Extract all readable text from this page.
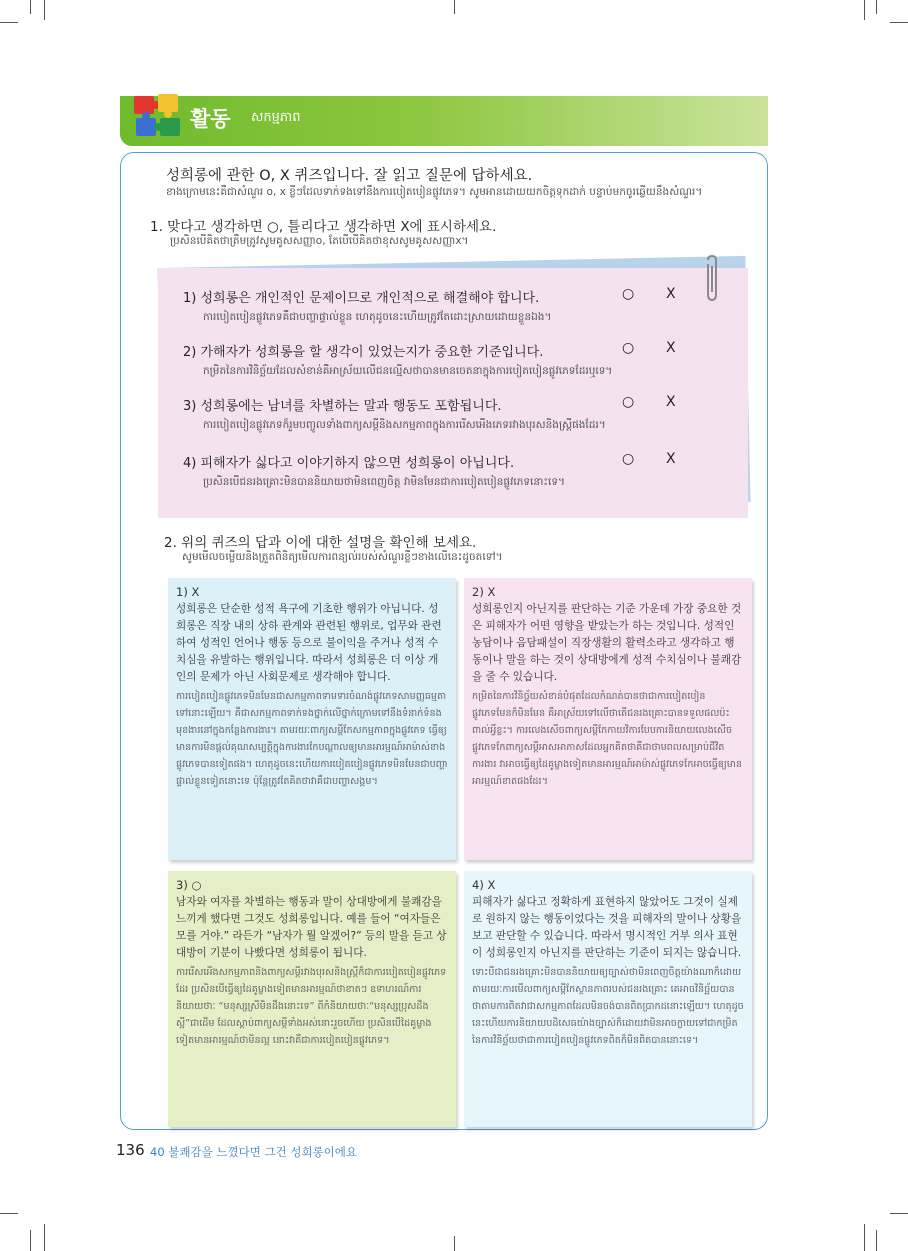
활동 សកម្មភាព
성희롱에 관한 O, X 퀴즈입니다. 잘 읽고 질문에 답하세요.
ខាងក្រោមនេះគឺជាសំណួរ o, x ខ្លីៗដែលទាក់ទងទៅនឹងការបៀតបៀនផ្លូវភេទ។ សូមអានដោយយកចិត្តទុកដាក់ បន្ទាប់មកចូរឆ្លើយនឹងសំណួរ។
1. 맞다고 생각하면 ○, 틀리다고 생각하면 X에 표시하세요.
ប្រសិនបើគិតថាត្រឹមត្រូវសូមគូសសញ្ញាo, តែបើបើគិតថាខុសសូមគូសសញ្ញាx។
1) 성희롱은 개인적인 문제이므로 개인적으로 해결해야 합니다.
ការបៀតបៀនផ្លូវភេទគឺជាបញ្ហាផ្ទាល់ខ្លួន ហេតុដូចនេះហើយត្រូវតែដោះស្រាយដោយខ្លួនឯង។
○ X
2) 가해자가 성희롱을 할 생각이 있었는지가 중요한 기준입니다.
កម្រិតនៃការវិនិច្ឆ័យដែលសំខាន់គឺអាស្រ័យលើជនល្មើសថាបានមានចេតនាក្នុងការបៀតបៀនផ្លូវភេទដែរឬទេ។
○ X
3) 성희롱에는 남녀를 차별하는 말과 행동도 포함됩니다.
ការបៀតបៀនផ្លូវភេទក៏រួមបញ្ចូលទាំងពាក្យសម្តីនិងសកម្មភាពក្នុងការរើសអើងភេទរវាងបុរសនិងស្ត្រីផងដែរ។
○ X
4) 피해자가 싫다고 이야기하지 않으면 성희롱이 아닙니다.
ប្រសិនបើជនរងគ្រោះមិនបាននិយាយថាមិនពេញចិត្ត វាមិនមែនជាការបៀតបៀនផ្លូវភេទនោះទេ។
○ X
2. 위의 퀴즈의 답과 이에 대한 설명을 확인해 보세요.
សូមមើលចម្លើយនិងត្រួតពិនិត្យមើលការពន្យល់របស់សំណួរខ្លីៗខាងលើនេះដូចតទៅ។
1) X
성희롱은 단순한 성적 욕구에 기초한 행위가 아닙니다. 성희롱은 직장 내의 상하 관계와 관련된 행위로, 업무와 관련하여 성적인 언어나 행동 등으로 불이익을 주거나 성적 수치심을 유발하는 행위입니다. 따라서 성희롱은 더 이상 개인의 문제가 아닌 사회문제로 생각해야 합니다.
ការបៀតបៀនផ្លូវភេទមិនមែនជាសកម្មភាពទាមទារចំណង់ផ្លូវភេទសាមញ្ញធម្មតាទៅនោះឡើយ។ គឺជាសកម្មភាពទាក់ទងថ្នាក់លើថ្នាក់ក្រោមទៅនឹងទំនាក់ទំនងមុខងារនៅក្នុងកន្លែងការងារ។ តាមរយៈពាក្យសម្តីកែសកម្មភាពក្នុងផ្លូវភេទ ធ្វើឲ្យមានការមិនផ្តល់គុណសម្បត្តិក្នុងការងារកែបណ្តាលឲ្យមានអារម្មណ៍អាម៉ាស់ខាងផ្លូវភេទបានទៀតផង។ ហេតុដូចនេះហើយការបៀតបៀនផ្លូវភេទមិនមែនជាបញ្ហាផ្ទាល់ខ្លួនទៀតនោះទេ ប៉ុន្តែត្រូវតែគិតថាវាគឺជាបញ្ហាសង្គម។
2) X
성희롱인지 아닌지를 판단하는 기준 가운데 가장 중요한 것은 피해자가 어떤 영향을 받았는가 하는 것입니다. 성적인 농담이나 음담패설이 직장생활의 활력소라고 생각하고 행동이나 말을 하는 것이 상대방에게 성적 수치심이나 불쾌감을 줄 수 있습니다.
កម្រិតនៃការវិនិច្ឆ័យសំខាន់បំផុតដែលកំណត់បានថាជាការបៀតបៀនផ្លូវភេទមែនក៏មិនមែន គឺអាស្រ័យទៅលើថាតើជនរងគ្រោះបានទទួលផលប៉ះពាល់អ្វីខ្លះ។ ការលេងសើចពាក្យសម្តីកែកាយវិការបែបការនិយាយលេងសើចផ្លូវភេទកែពាក្យសម្តីអាសអាភាសដែលអ្នកគិតថាគឺជាថាមពលសម្រាប់ជីវិតការងារ វាអាចធ្វើឲ្យដៃគូម្ខាងទៀតមានអារម្មណ៍អាម៉ាស់ផ្លូវភេទកែអាចធ្វើឲ្យមានអារម្មណ៍ខាតផងដែរ។
3) ○
남자와 여자를 차별하는 행동과 말이 상대방에게 불쾌감을 느끼게 했다면 그것도 성희롱입니다. 예를 들어 “여자들은 모를 거야.” 라든가 “남자가 뭘 알겠어?” 등의 말을 듣고 상대방이 기분이 나빴다면 성희롱이 됩니다.
ការរើសអើងសកម្មភាពនិងពាក្យសម្តីរវាងបុរសនិងស្ត្រីក៏ជាការបៀតបៀនផ្លូវភេទដែរ ប្រសិនបើធ្វើឲ្យដៃគូម្ខាងទៀតមានអារម្មណ៍ថាខាតៗ ឧទាហរណ៍ការនិយាយថាៈ “មនុស្សស្រីមិនដឹងនោះទេ” ពីកំនិយាយថាៈ“មនុស្សប្រុសដឹងស្អី”ជាដើម ដែលស្តាប់ពាក្យសម្តីទាំងអស់នោះរួចហើយ ប្រសិនបើដៃគូម្ខាងទៀតមានអារម្មណ៍ថាមិនល្អ នោះវាគឺជាការបៀតបៀនផ្លូវភេទ។
4) X
피해자가 싫다고 정확하게 표현하지 않았어도 그것이 실제로 원하지 않는 행동이었다는 것을 피해자의 말이나 상황을 보고 판단할 수 있습니다. 따라서 명시적인 거부 의사 표현이 성희롱인지 아닌지를 판단하는 기준이 되지는 않습니다.
ទោះបីជាជនរងគ្រោះមិនបាននិយាយឲ្យច្បាស់ថាមិនពេញចិត្តយ៉ាងណាក៏ដោយ តាមរយៈការមើលពាក្យសម្តីកែស្ថានភាពរបស់ជនរងគ្រោះ គេអាចវិនិច្ឆ័យបានថាតាមការពិតវាជាសកម្មភាពដែលមិនចង់បានពិតប្រាកដនោះឡើយ។ ហេតុដូចនេះហើយការនិយាយបដិសេធយ៉ាងច្បាស់ក៏ដោយវាមិនអាចក្លាយទៅជាកម្រិតនៃការវិនិច្ឆ័យថាជាការបៀតបៀនផ្លូវភេទពិតក៏មិនពិតបាននោះទេ។
136 40 불쾌감을 느꼈다면 그건 성희롱이에요
